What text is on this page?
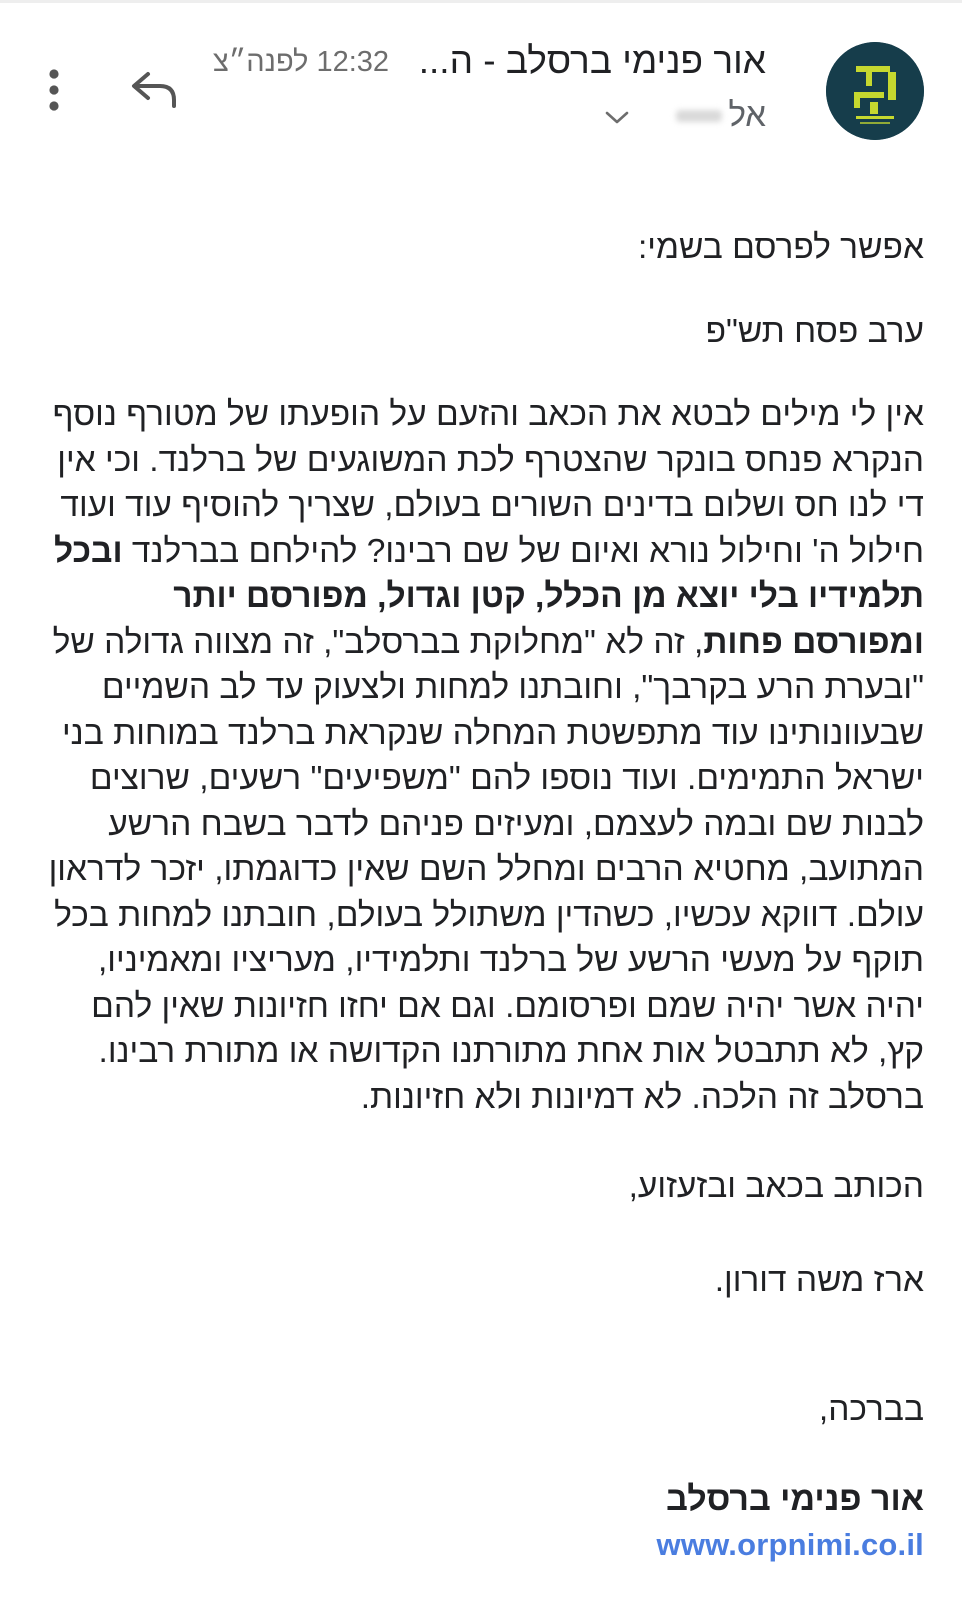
אור פנימי ברסלב - ה...
12:32 לפנה״צ
אל

אפשר לפרסם בשמי:

ערב פסח תש"פ

אין לי מילים לבטא את הכאב והזעם על הופעתו של מטורף נוסף הנקרא פנחס בונקר שהצטרף לכת המשוגעים של ברלנד. וכי אין די לנו חס ושלום בדינים השורים בעולם, שצריך להוסיף עוד ועוד חילול ה' וחילול נורא ואיום של שם רבינו? להילחם בברלנד ובכל תלמידיו בלי יוצא מן הכלל, קטן וגדול, מפורסם יותר ומפורסם פחות, זה לא "מחלוקת בברסלב", זה מצווה גדולה של "ובערת הרע בקרבך", וחובתנו למחות ולצעוק עד לב השמיים שבעוונותינו עוד מתפשטת המחלה שנקראת ברלנד במוחות בני ישראל התמימים. ועוד נוספו להם "משפיעים" רשעים, שרוצים לבנות שם ובמה לעצמם, ומעיזים פניהם לדבר בשבח הרשע המתועב, מחטיא הרבים ומחלל השם שאין כדוגמתו, יזכר לדראון עולם. דווקא עכשיו, כשהדין משתולל בעולם, חובתנו למחות בכל תוקף על מעשי הרשע של ברלנד ותלמידיו, מעריציו ומאמיניו, יהיה אשר יהיה שמם ופרסומם. וגם אם יחזו חזיונות שאין להם קץ, לא תתבטל אות אחת מתורתנו הקדושה או מתורת רבינו. ברסלב זה הלכה. לא דמיונות ולא חזיונות.

הכותב בכאב ובזעזוע,

ארז משה דורון.

בברכה,

אור פנימי ברסלב

www.orpnimi.co.il
